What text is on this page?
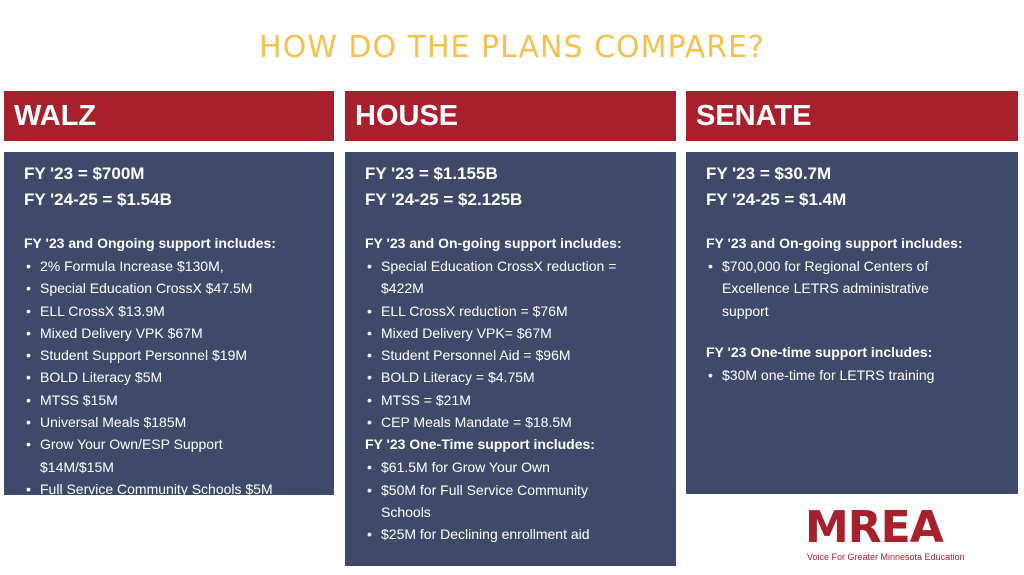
HOW DO THE PLANS COMPARE?
WALZ
FY '23 = $700M
FY '24-25 = $1.54B
FY '23 and Ongoing support includes:
• 2% Formula Increase $130M,
• Special Education CrossX $47.5M
• ELL CrossX $13.9M
• Mixed Delivery VPK $67M
• Student Support Personnel $19M
• BOLD Literacy $5M
• MTSS $15M
• Universal Meals $185M
• Grow Your Own/ESP Support $14M/$15M
• Full Service Community Schools $5M
HOUSE
FY '23 = $1.155B
FY '24-25 = $2.125B
FY '23 and On-going support includes:
• Special Education CrossX reduction = $422M
• ELL CrossX reduction = $76M
• Mixed Delivery VPK= $67M
• Student Personnel Aid = $96M
• BOLD Literacy = $4.75M
• MTSS = $21M
• CEP Meals Mandate = $18.5M
FY '23 One-Time support includes:
• $61.5M for Grow Your Own
• $50M for Full Service Community Schools
• $25M for Declining enrollment aid
SENATE
FY '23 = $30.7M
FY '24-25 = $1.4M
FY '23 and On-going support includes:
• $700,000 for Regional Centers of Excellence LETRS administrative support
FY '23 One-time support includes:
• $30M one-time for LETRS training
MREA
Voice For Greater Minnesota Education
